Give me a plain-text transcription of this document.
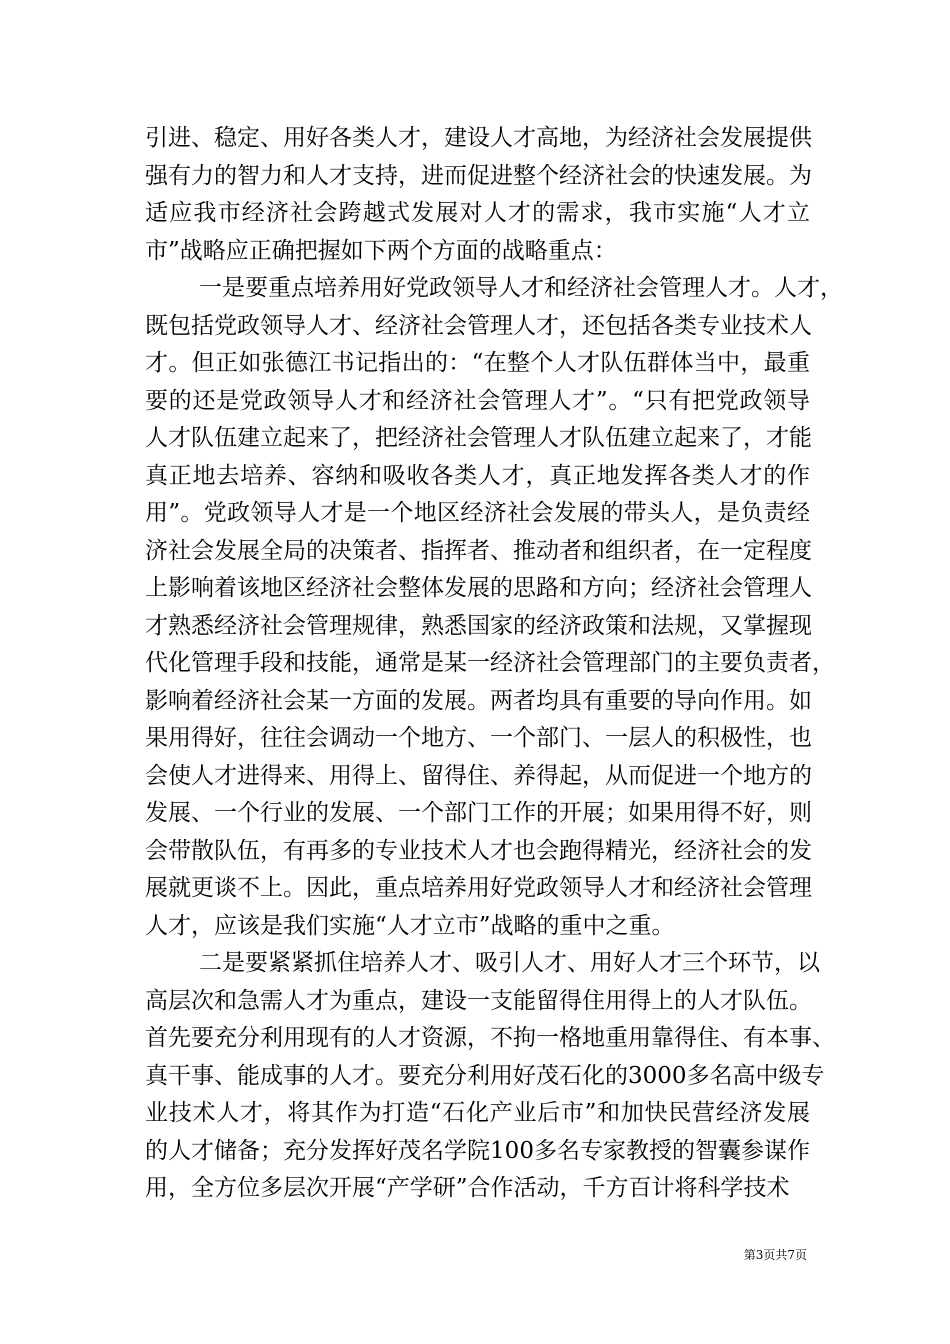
引进、稳定、用好各类人才，建设人才高地，为经济社会发展提供
强有力的智力和人才支持，进而促进整个经济社会的快速发展。为
适应我市经济社会跨越式发展对人才的需求，我市实施“人才立
市”战略应正确把握如下两个方面的战略重点：
一是要重点培养用好党政领导人才和经济社会管理人才。人才，
既包括党政领导人才、经济社会管理人才，还包括各类专业技术人
才。但正如张德江书记指出的：“在整个人才队伍群体当中，最重
要的还是党政领导人才和经济社会管理人才”。“只有把党政领导
人才队伍建立起来了，把经济社会管理人才队伍建立起来了，才能
真正地去培养、容纳和吸收各类人才，真正地发挥各类人才的作
用”。党政领导人才是一个地区经济社会发展的带头人，是负责经
济社会发展全局的决策者、指挥者、推动者和组织者，在一定程度
上影响着该地区经济社会整体发展的思路和方向；经济社会管理人
才熟悉经济社会管理规律，熟悉国家的经济政策和法规，又掌握现
代化管理手段和技能，通常是某一经济社会管理部门的主要负责者，
影响着经济社会某一方面的发展。两者均具有重要的导向作用。如
果用得好，往往会调动一个地方、一个部门、一层人的积极性，也
会使人才进得来、用得上、留得住、养得起，从而促进一个地方的
发展、一个行业的发展、一个部门工作的开展；如果用得不好，则
会带散队伍，有再多的专业技术人才也会跑得精光，经济社会的发
展就更谈不上。因此，重点培养用好党政领导人才和经济社会管理
人才，应该是我们实施“人才立市”战略的重中之重。
二是要紧紧抓住培养人才、吸引人才、用好人才三个环节，以
高层次和急需人才为重点，建设一支能留得住用得上的人才队伍。
首先要充分利用现有的人才资源，不拘一格地重用靠得住、有本事、
真干事、能成事的人才。要充分利用好茂石化的3000多名高中级专
业技术人才，将其作为打造“石化产业后市”和加快民营经济发展
的人才储备；充分发挥好茂名学院100多名专家教授的智囊参谋作
用，全方位多层次开展“产学研”合作活动，千方百计将科学技术
第3页共7页
